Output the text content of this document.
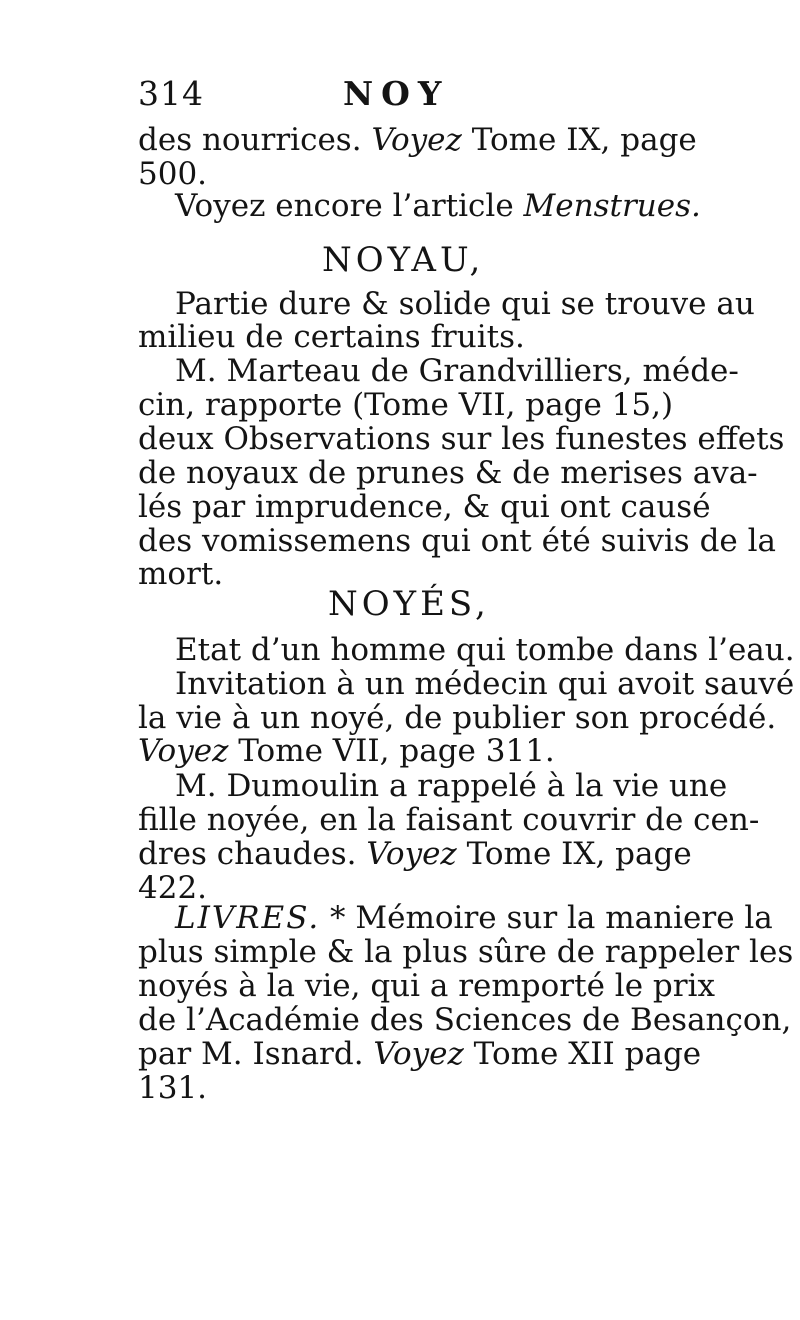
314	NOY
des nourrices. Voyez Tome IX, page
500.
Voyez encore l’article Menstrues.
NOYAU,
Partie dure & solide qui se trouve au
milieu de certains fruits.
M. Marteau de Grandvilliers, méde-
cin, rapporte (Tome VII, page 15,)
deux Observations sur les funestes effets
de noyaux de prunes & de merises ava-
lés par imprudence, & qui ont causé
des vomissemens qui ont été suivis de la
mort.
NOYÉS,
Etat d’un homme qui tombe dans l’eau.
Invitation à un médecin qui avoit sauvé
la vie à un noyé, de publier son procédé.
Voyez Tome VII, page 311.
M. Dumoulin a rappelé à la vie une
fille noyée, en la faisant couvrir de cen-
dres chaudes. Voyez Tome IX, page
422.
LIVRES. * Mémoire sur la maniere la
plus simple & la plus sûre de rappeler les
noyés à la vie, qui a remporté le prix
de l’Académie des Sciences de Besançon,
par M. Isnard. Voyez Tome XII page
131.
